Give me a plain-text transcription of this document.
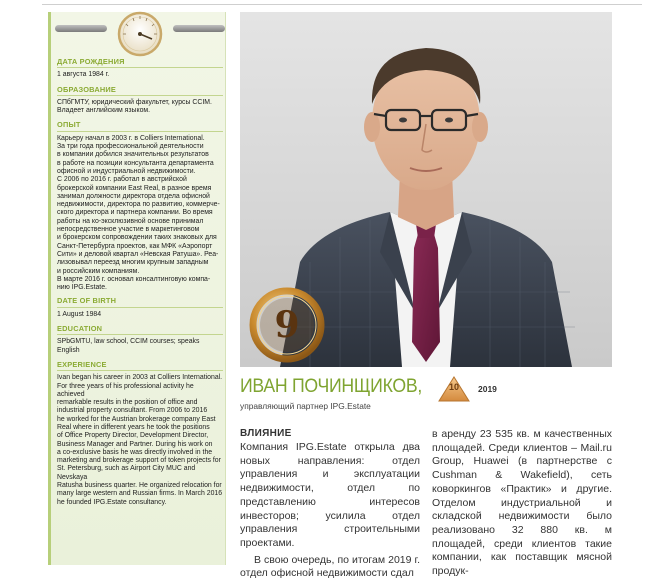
ДАТА РОЖДЕНИЯ
1 августа 1984 г.
ОБРАЗОВАНИЕ
СПбГМТУ, юридический факультет, курсы CCIM.
Владеет английским языком.
ОПЫТ
Карьеру начал в 2003 г. в Colliers International.
За три года профессиональной деятельности
в компании добился значительных результатов
в работе на позиции консультанта департамента
офисной и индустриальной недвижимости.
С 2006 по 2016 г. работал в австрийской
брокерской компании East Real, в разное время
занимал должности директора отдела офисной
недвижимости, директора по развитию, коммерче-
ского директора и партнера компании. Во время
работы на ко-эксклюзивной основе принимал
непосредственное участие в маркетинговом
и брокерском сопровождении таких знаковых для
Санкт-Петербурга проектов, как МФК «Аэропорт
Сити» и деловой квартал «Невская Ратуша». Реа-
лизовывал переезд многим крупным западным
и российским компаниям.
В марте 2016 г. основал консалтинговую компа-
нию IPG.Estate.
DATE OF BIRTH
1 August 1984
EDUCATION
SPbGMTU, law school, CCIM courses; speaks English
EXPERIENCE
Ivan began his career in 2003 at Colliers International.
For three years of his professional activity he achieved
remarkable results in the position of office and
industrial property consultant. From 2006 to 2016
he worked for the Austrian brokerage company East
Real where in different years he took the positions
of Office Property Director, Development Director,
Business Manager and Partner. During his work on
a co-exclusive basis he was directly involved in the
marketing and brokerage support of token projects for
St. Petersburg, such as Airport City MUC and Nevskaya
Ratusha business quarter. He organized relocation for
many large western and Russian firms. In March 2016
he founded IPG.Estate consultancy.
9
ИВАН ПОЧИНЩИКОВ,
управляющий партнер IPG.Estate
10	2019
ВЛИЯНИЕ

Компания IPG.Estate открыла два новых направления: отдел управления и эксплуатации недвижимости, отдел по представлению интересов инвесторов; усилила отдел управления строительными проектами.

В свою очередь, по итогам 2019 г. отдел офисной недвижимости сдал

в аренду 23 535 кв. м качественных площадей. Среди клиентов – Mail.ru Group, Huawei (в партнерстве с Cushman & Wakefield), сеть коворкингов «Практик» и другие. Отделом индустриальной и складской недвижимости было реализовано 32 880 кв. м площадей, среди клиентов такие компании, как поставщик мясной продук-
